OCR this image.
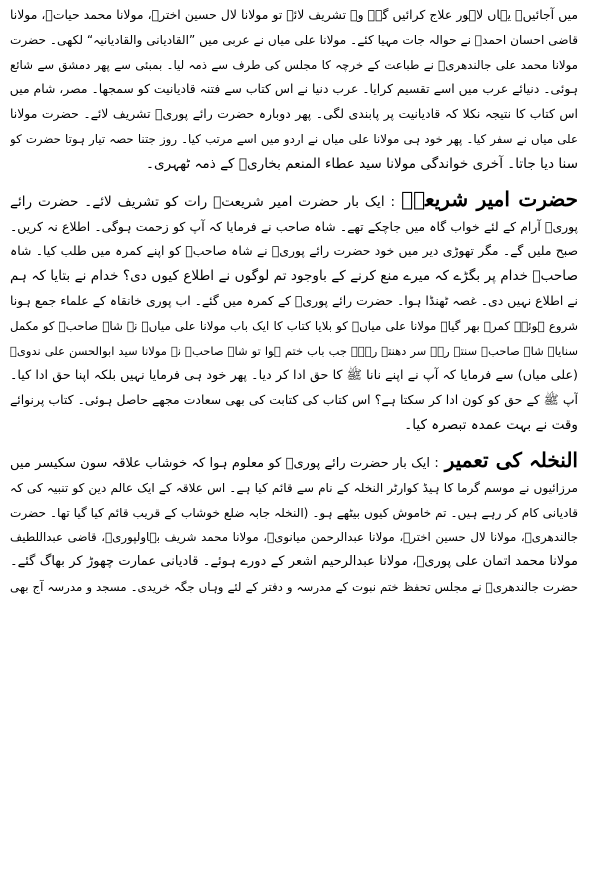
میں آجائیں۔ یہاں لاہور علاج کرائیں گے۔ وہ تشریف لائے تو مولانا لال حسین اخترؒ، مولانا محمد حیاتؒ، مولانا
قاضی احسان احمدؒ نے حوالہ جات مہیا کئے۔ مولانا علی میاں نے عربی میں ”القادیانی والقادیانیہ“ لکھی۔ حضرت
مولانا محمد علی جالندھریؒ نے طباعت کے خرچہ کا مجلس کی طرف سے ذمہ لیا۔ بمبئی سے پھر دمشق سے شائع
ہوئی۔ دنیائے عرب میں اسے تقسیم کرایا۔ عرب دنیا نے اس کتاب سے فتنہ قادیانیت کو سمجھا۔ مصر، شام میں
اس کتاب کا نتیجہ نکلا کہ قادیانیت پر پابندی لگی۔ پھر دوبارہ حضرت رائے پوریؒ تشریف لائے۔ حضرت مولانا
علی میاں نے سفر کیا۔ پھر خود ہی مولانا علی میاں نے اردو میں اسے مرتب کیا۔ روز جتنا حصہ تیار ہوتا حضرت کو
سنا دیا جاتا۔ آخری خواندگی مولانا سید عطاء المنعم بخاریؒ کے ذمہ ٹھہری۔
حضرت امیر شریعتؒ: ایک بار حضرت امیر شریعتؒ رات کو تشریف لائے۔ حضرت رائے
پوریؒ آرام کے لئے خواب گاہ میں جاچکے تھے۔ شاہ صاحب نے فرمایا کہ آپ کو زحمت ہوگی۔ اطلاع نہ کریں۔
صبح ملیں گے۔ مگر تھوڑی دیر میں خود حضرت رائے پوریؒ نے شاہ صاحبؒ کو اپنے کمرہ میں طلب کیا۔ شاہ
صاحبؒ خدام پر بگڑے کہ میرے منع کرنے کے باوجود تم لوگوں نے اطلاع کیوں دی؟ خدام نے بتایا کہ ہم
نے اطلاع نہیں دی۔ غصہ ٹھنڈا ہوا۔ حضرت رائے پوریؒ کے کمرہ میں گئے۔ اب پوری خانقاہ کے علماء جمع ہونا
شروع ہوئے۔ کمرہ بھر گیا۔ مولانا علی میاںؒ کو بلایا کتاب کا ایک باب مولانا علی میاںؒ نے شاہ صاحبؒ کو مکمل
سنایا۔ شاہ صاحبؒ سنتے رہے سر دھنتے رہے۔ جب باب ختم ہوا تو شاہ صاحبؒ نے مولانا سید ابوالحسن علی ندویؒ
(علی میاں) سے فرمایا کہ آپ نے اپنے نانا ﷺ کا حق ادا کر دیا۔ پھر خود ہی فرمایا نہیں بلکہ اپنا حق ادا کیا۔
آپ ﷺ کے حق کو کون ادا کر سکتا ہے؟ اس کتاب کی کتابت کی بھی سعادت مجھے حاصل ہوئی۔ کتاب پرنوائے
وقت نے بہت عمدہ تبصرہ کیا۔
النخلہ کی تعمیر: ایک بار حضرت رائے پوریؒ کو معلوم ہوا کہ خوشاب علاقہ سون سکیسر میں
مرزائیوں نے موسم گرما کا ہیڈ کوارٹر النخلہ کے نام سے قائم کیا ہے۔ اس علاقہ کے ایک عالم دین کو تنبیہ کی کہ
قادیانی کام کر رہے ہیں۔ تم خاموش کیوں بیٹھے ہو۔ (النخلہ جابہ ضلع خوشاب کے قریب قائم کیا گیا تھا۔ حضرت
جالندھریؒ، مولانا لال حسین اخترؒ، مولانا عبدالرحمن میانویؒ، مولانا محمد شریف بہاولپوریؒ، قاضی عبداللطیف
مولانا محمد اتمان علی پوریؒ، مولانا عبدالرحیم اشعر کے دورے ہوئے۔ قادیانی عمارت چھوڑ کر بھاگ گئے۔
حضرت جالندھریؒ نے مجلس تحفظ ختم نبوت کے مدرسہ و دفتر کے لئے وہاں جگہ خریدی۔ مسجد و مدرسہ آج بھی
